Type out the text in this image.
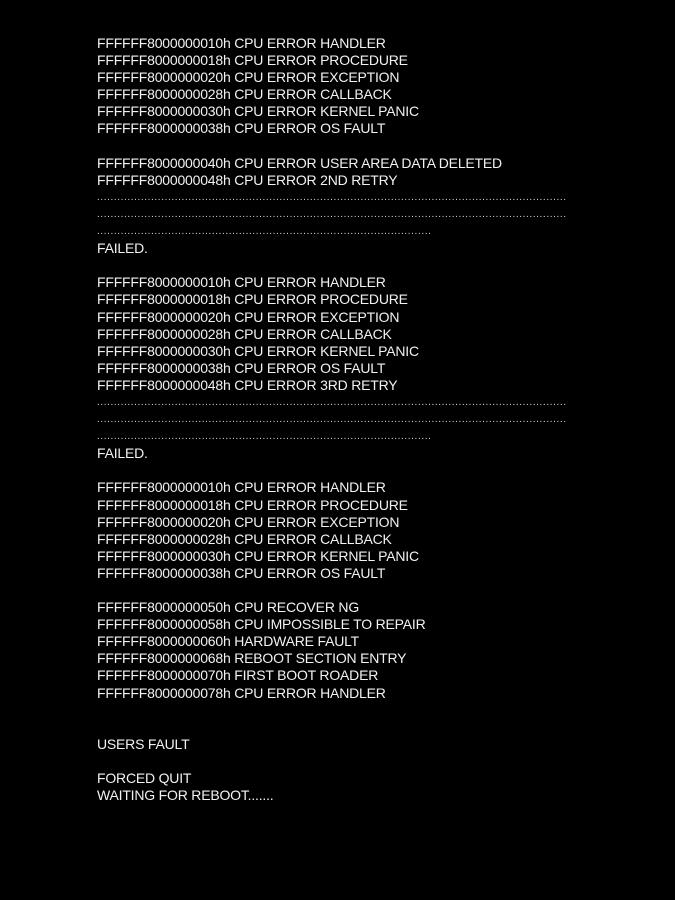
FFFFFF8000000010h CPU ERROR HANDLER
FFFFFF8000000018h CPU ERROR PROCEDURE
FFFFFF8000000020h CPU ERROR EXCEPTION
FFFFFF8000000028h CPU ERROR CALLBACK
FFFFFF8000000030h CPU ERROR KERNEL PANIC
FFFFFF8000000038h CPU ERROR OS FAULT
FFFFFF8000000040h CPU ERROR USER AREA DATA DELETED
FFFFFF8000000048h CPU ERROR 2ND RETRY
...........................................................................................................................................
...........................................................................................................................................
...................................................................................................
FAILED.
FFFFFF8000000010h CPU ERROR HANDLER
FFFFFF8000000018h CPU ERROR PROCEDURE
FFFFFF8000000020h CPU ERROR EXCEPTION
FFFFFF8000000028h CPU ERROR CALLBACK
FFFFFF8000000030h CPU ERROR KERNEL PANIC
FFFFFF8000000038h CPU ERROR OS FAULT
FFFFFF8000000048h CPU ERROR 3RD RETRY
...........................................................................................................................................
...........................................................................................................................................
...................................................................................................
FAILED.
FFFFFF8000000010h CPU ERROR HANDLER
FFFFFF8000000018h CPU ERROR PROCEDURE
FFFFFF8000000020h CPU ERROR EXCEPTION
FFFFFF8000000028h CPU ERROR CALLBACK
FFFFFF8000000030h CPU ERROR KERNEL PANIC
FFFFFF8000000038h CPU ERROR OS FAULT
FFFFFF8000000050h CPU RECOVER NG
FFFFFF8000000058h CPU IMPOSSIBLE TO REPAIR
FFFFFF8000000060h HARDWARE FAULT
FFFFFF8000000068h REBOOT SECTION ENTRY
FFFFFF8000000070h FIRST BOOT ROADER
FFFFFF8000000078h CPU ERROR HANDLER

USERS FAULT
FORCED QUIT
WAITING FOR REBOOT.......
